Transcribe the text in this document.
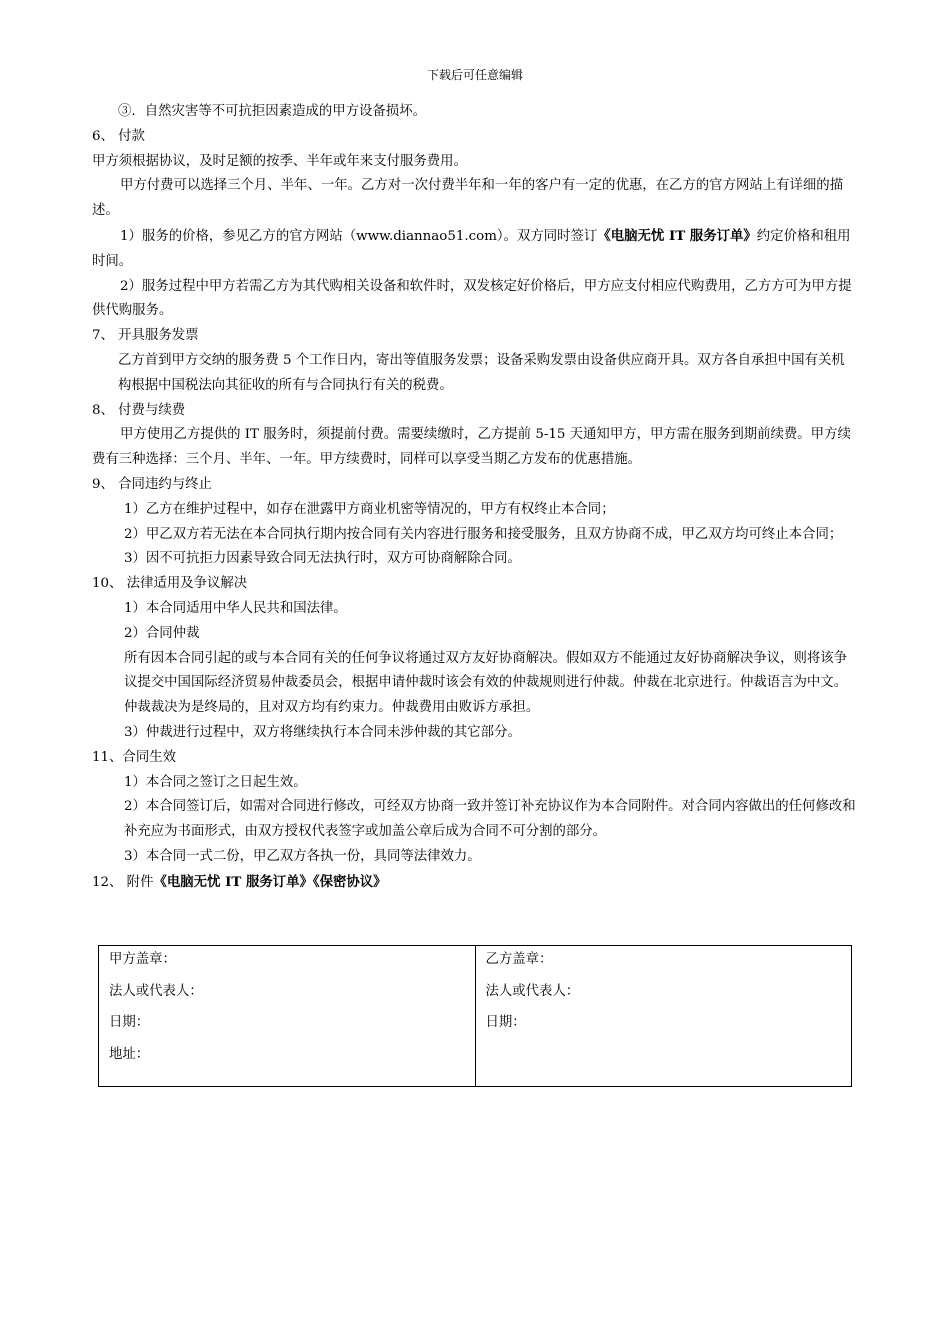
下载后可任意编辑

③．自然灾害等不可抗拒因素造成的甲方设备损坏。

6、 付款

甲方须根据协议，及时足额的按季、半年或年来支付服务费用。

甲方付费可以选择三个月、半年、一年。乙方对一次付费半年和一年的客户有一定的优惠，在乙方的官方网站上有详细的描述。

1）服务的价格，参见乙方的官方网站（www.diannao51.com）。双方同时签订《电脑无忧 IT 服务订单》约定价格和租用时间。

2）服务过程中甲方若需乙方为其代购相关设备和软件时，双发核定好价格后，甲方应支付相应代购费用，乙方方可为甲方提供代购服务。

7、 开具服务发票

乙方首到甲方交纳的服务费 5 个工作日内，寄出等值服务发票；设备采购发票由设备供应商开具。双方各自承担中国有关机构根据中国税法向其征收的所有与合同执行有关的税费。

8、 付费与续费

甲方使用乙方提供的 IT 服务时，须提前付费。需要续缴时，乙方提前 5-15 天通知甲方，甲方需在服务到期前续费。甲方续费有三种选择：三个月、半年、一年。甲方续费时，同样可以享受当期乙方发布的优惠措施。

9、 合同违约与终止

1）乙方在维护过程中，如存在泄露甲方商业机密等情况的，甲方有权终止本合同；

2）甲乙双方若无法在本合同执行期内按合同有关内容进行服务和接受服务，且双方协商不成，甲乙双方均可终止本合同；

3）因不可抗拒力因素导致合同无法执行时，双方可协商解除合同。

10、 法律适用及争议解决

1）本合同适用中华人民共和国法律。

2）合同仲裁

所有因本合同引起的或与本合同有关的任何争议将通过双方友好协商解决。假如双方不能通过友好协商解决争议，则将该争议提交中国国际经济贸易仲裁委员会，根据申请仲裁时该会有效的仲裁规则进行仲裁。仲裁在北京进行。仲裁语言为中文。仲裁裁决为是终局的，且对双方均有约束力。仲裁费用由败诉方承担。

3）仲裁进行过程中，双方将继续执行本合同未涉仲裁的其它部分。

11、合同生效

1）本合同之签订之日起生效。

2）本合同签订后，如需对合同进行修改，可经双方协商一致并签订补充协议作为本合同附件。对合同内容做出的任何修改和补充应为书面形式，由双方授权代表签字或加盖公章后成为合同不可分割的部分。

3）本合同一式二份，甲乙双方各执一份，具同等法律效力。

12、 附件《电脑无忧 IT 服务订单》《保密协议》

甲方盖章：
法人或代表人：
日期：
地址：

乙方盖章：
法人或代表人：
日期：
